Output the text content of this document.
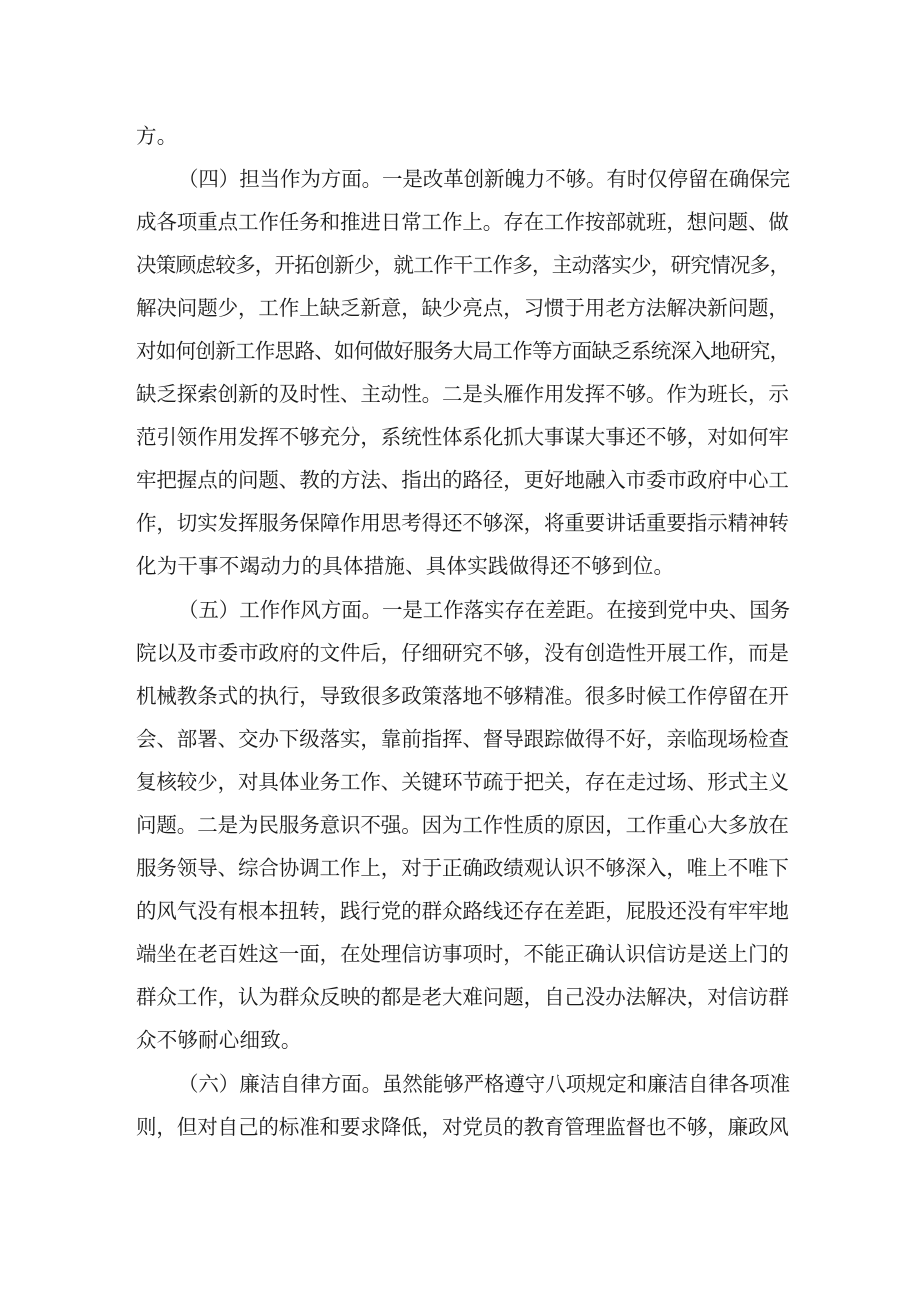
方。
（四）担当作为方面。一是改革创新魄力不够。有时仅停留在确保完
成各项重点工作任务和推进日常工作上。存在工作按部就班，想问题、做
决策顾虑较多，开拓创新少，就工作干工作多，主动落实少，研究情况多，
解决问题少，工作上缺乏新意，缺少亮点，习惯于用老方法解决新问题，
对如何创新工作思路、如何做好服务大局工作等方面缺乏系统深入地研究，
缺乏探索创新的及时性、主动性。二是头雁作用发挥不够。作为班长，示
范引领作用发挥不够充分，系统性体系化抓大事谋大事还不够，对如何牢
牢把握点的问题、教的方法、指出的路径，更好地融入市委市政府中心工
作，切实发挥服务保障作用思考得还不够深，将重要讲话重要指示精神转
化为干事不竭动力的具体措施、具体实践做得还不够到位。
（五）工作作风方面。一是工作落实存在差距。在接到党中央、国务
院以及市委市政府的文件后，仔细研究不够，没有创造性开展工作，而是
机械教条式的执行，导致很多政策落地不够精准。很多时候工作停留在开
会、部署、交办下级落实，靠前指挥、督导跟踪做得不好，亲临现场检查
复核较少，对具体业务工作、关键环节疏于把关，存在走过场、形式主义
问题。二是为民服务意识不强。因为工作性质的原因，工作重心大多放在
服务领导、综合协调工作上，对于正确政绩观认识不够深入，唯上不唯下
的风气没有根本扭转，践行党的群众路线还存在差距，屁股还没有牢牢地
端坐在老百姓这一面，在处理信访事项时，不能正确认识信访是送上门的
群众工作，认为群众反映的都是老大难问题，自己没办法解决，对信访群
众不够耐心细致。
（六）廉洁自律方面。虽然能够严格遵守八项规定和廉洁自律各项准
则，但对自己的标准和要求降低，对党员的教育管理监督也不够，廉政风
